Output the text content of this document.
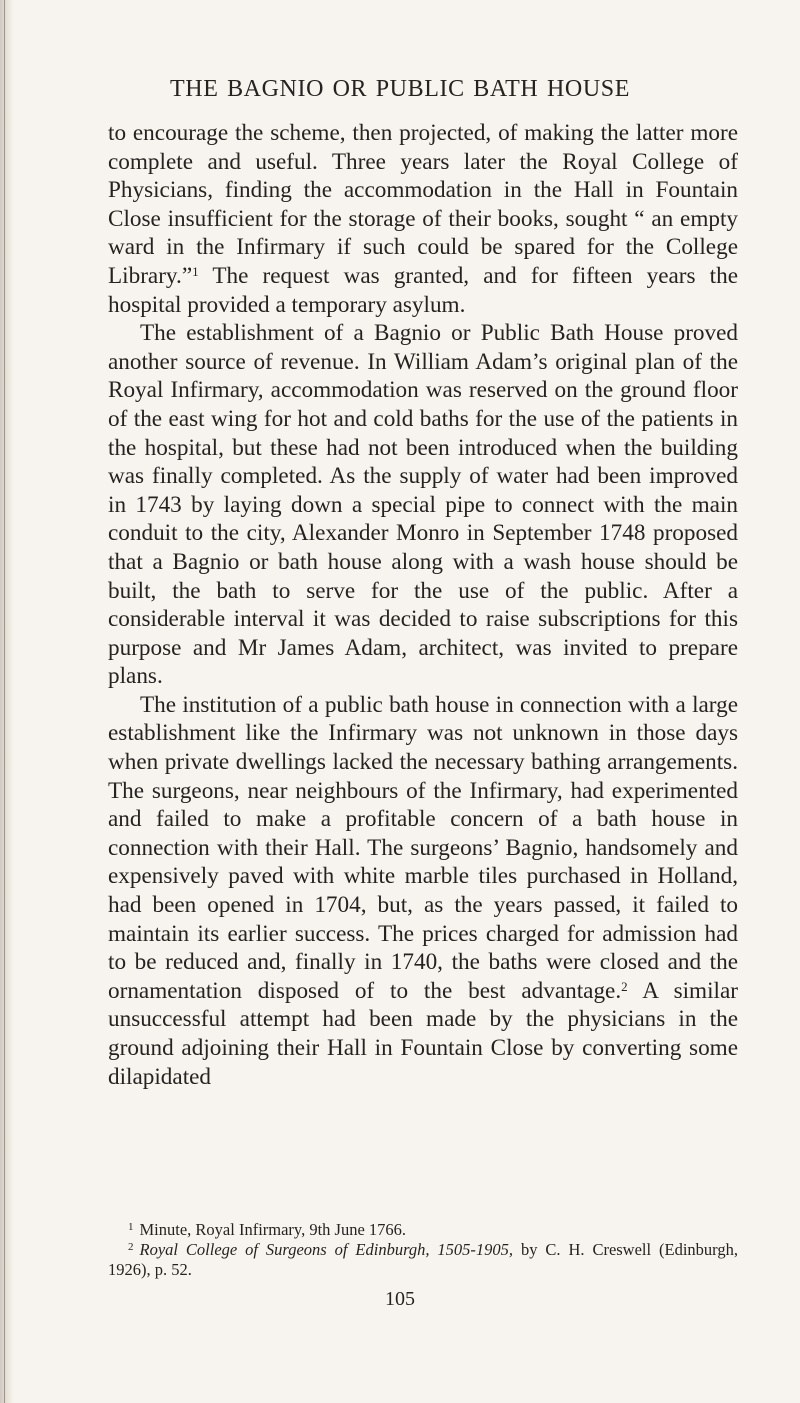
THE BAGNIO OR PUBLIC BATH HOUSE

to encourage the scheme, then projected, of making the latter more complete and useful. Three years later the Royal College of Physicians, finding the accommodation in the Hall in Fountain Close insufficient for the storage of their books, sought “ an empty ward in the Infirmary if such could be spared for the College Library.”$^1$ The request was granted, and for fifteen years the hospital provided a temporary asylum.

The establishment of a Bagnio or Public Bath House proved another source of revenue. In William Adam’s original plan of the Royal Infirmary, accommodation was reserved on the ground floor of the east wing for hot and cold baths for the use of the patients in the hospital, but these had not been introduced when the building was finally completed. As the supply of water had been improved in 1743 by laying down a special pipe to connect with the main conduit to the city, Alexander Monro in September 1748 proposed that a Bagnio or bath house along with a wash house should be built, the bath to serve for the use of the public. After a considerable interval it was decided to raise subscriptions for this purpose and Mr James Adam, architect, was invited to prepare plans.

The institution of a public bath house in connection with a large establishment like the Infirmary was not unknown in those days when private dwellings lacked the necessary bathing arrangements. The surgeons, near neighbours of the Infirmary, had experimented and failed to make a profitable concern of a bath house in connection with their Hall. The surgeons’ Bagnio, handsomely and expensively paved with white marble tiles purchased in Holland, had been opened in 1704, but, as the years passed, it failed to maintain its earlier success. The prices charged for admission had to be reduced and, finally in 1740, the baths were closed and the ornamentation disposed of to the best advantage.$^2$ A similar unsuccessful attempt had been made by the physicians in the ground adjoining their Hall in Fountain Close by converting some dilapidated

$^1$ Minute, Royal Infirmary, 9th June 1766.

$^2$ Royal College of Surgeons of Edinburgh, 1505-1905, by C. H. Creswell (Edinburgh, 1926), p. 52.

105
